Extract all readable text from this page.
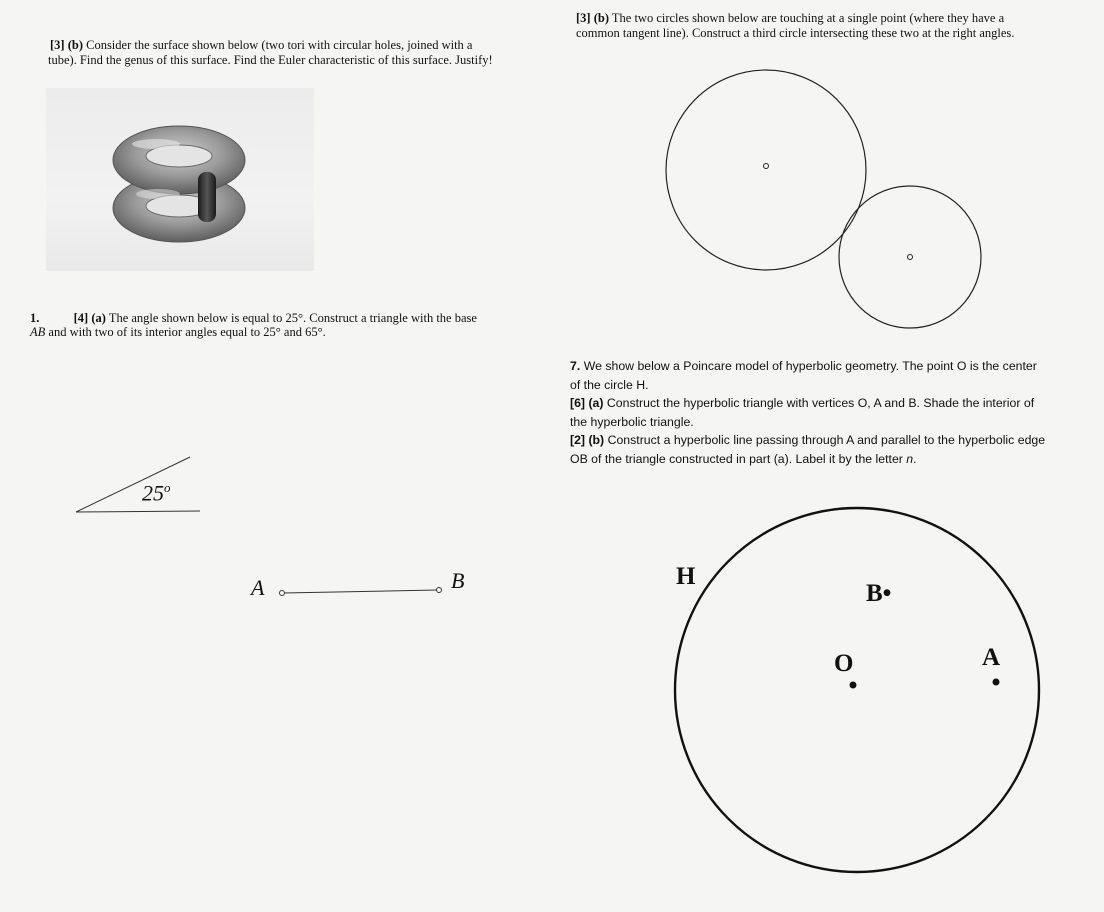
[3] (b) Consider the surface shown below (two tori with circular holes, joined with a
tube). Find the genus of this surface. Find the Euler characteristic of this surface. Justify!
1.	[4] (a) The angle shown below is equal to 25°. Construct a triangle with the base
AB and with two of its interior angles equal to 25° and 65°.
25$^o$
A	B
[3] (b) The two circles shown below are touching at a single point (where they have a
common tangent line). Construct a third circle intersecting these two at the right angles.
7. We show below a Poincare model of hyperbolic geometry. The point O is the center
of the circle H.
[6] (a) Construct the hyperbolic triangle with vertices O, A and B. Shade the interior of
the hyperbolic triangle.
[2] (b) Construct a hyperbolic line passing through A and parallel to the hyperbolic edge
OB of the triangle constructed in part (a). Label it by the letter n.
H
B•
O	A
